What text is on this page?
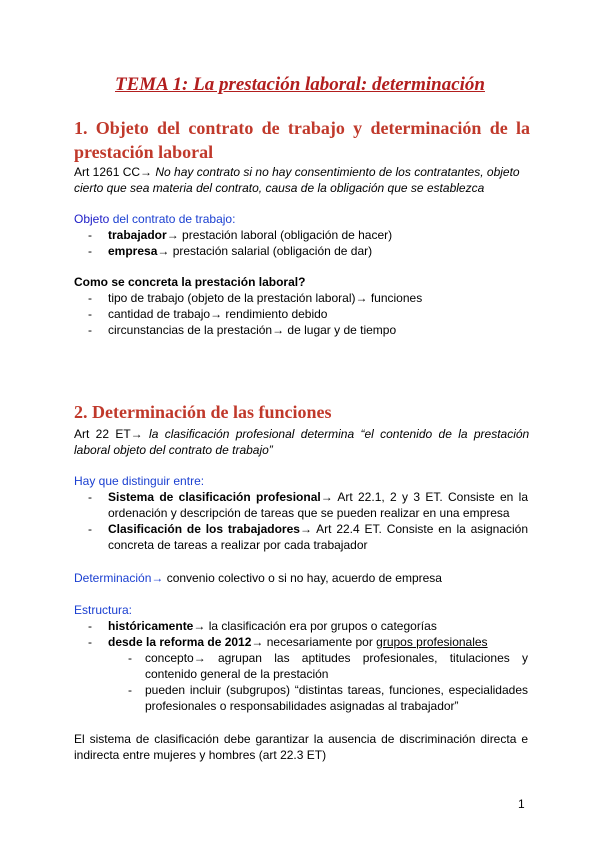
TEMA 1: La prestación laboral: determinación
1. Objeto del contrato de trabajo y determinación de la
prestación laboral
Art 1261 CC→ No hay contrato si no hay consentimiento de los contratantes, objeto
cierto que sea materia del contrato, causa de la obligación que se establezca
Objeto del contrato de trabajo:
- trabajador→ prestación laboral (obligación de hacer)
- empresa→ prestación salarial (obligación de dar)
Como se concreta la prestación laboral?
- tipo de trabajo (objeto de la prestación laboral)→ funciones
- cantidad de trabajo→ rendimiento debido
- circunstancias de la prestación→ de lugar y de tiempo
2. Determinación de las funciones
Art 22 ET→ la clasificación profesional determina “el contenido de la prestación
laboral objeto del contrato de trabajo”
Hay que distinguir entre:
- Sistema de clasificación profesional→ Art 22.1, 2 y 3 ET. Consiste en la
ordenación y descripción de tareas que se pueden realizar en una empresa
- Clasificación de los trabajadores→ Art 22.4 ET. Consiste en la asignación
concreta de tareas a realizar por cada trabajador
Determinación→ convenio colectivo o si no hay, acuerdo de empresa
Estructura:
- históricamente→ la clasificación era por grupos o categorías
- desde la reforma de 2012→ necesariamente por grupos profesionales
- concepto→ agrupan las aptitudes profesionales, titulaciones y
contenido general de la prestación
- pueden incluir (subgrupos) “distintas tareas, funciones, especialidades
profesionales o responsabilidades asignadas al trabajador”
El sistema de clasificación debe garantizar la ausencia de discriminación directa e
indirecta entre mujeres y hombres (art 22.3 ET)
1
